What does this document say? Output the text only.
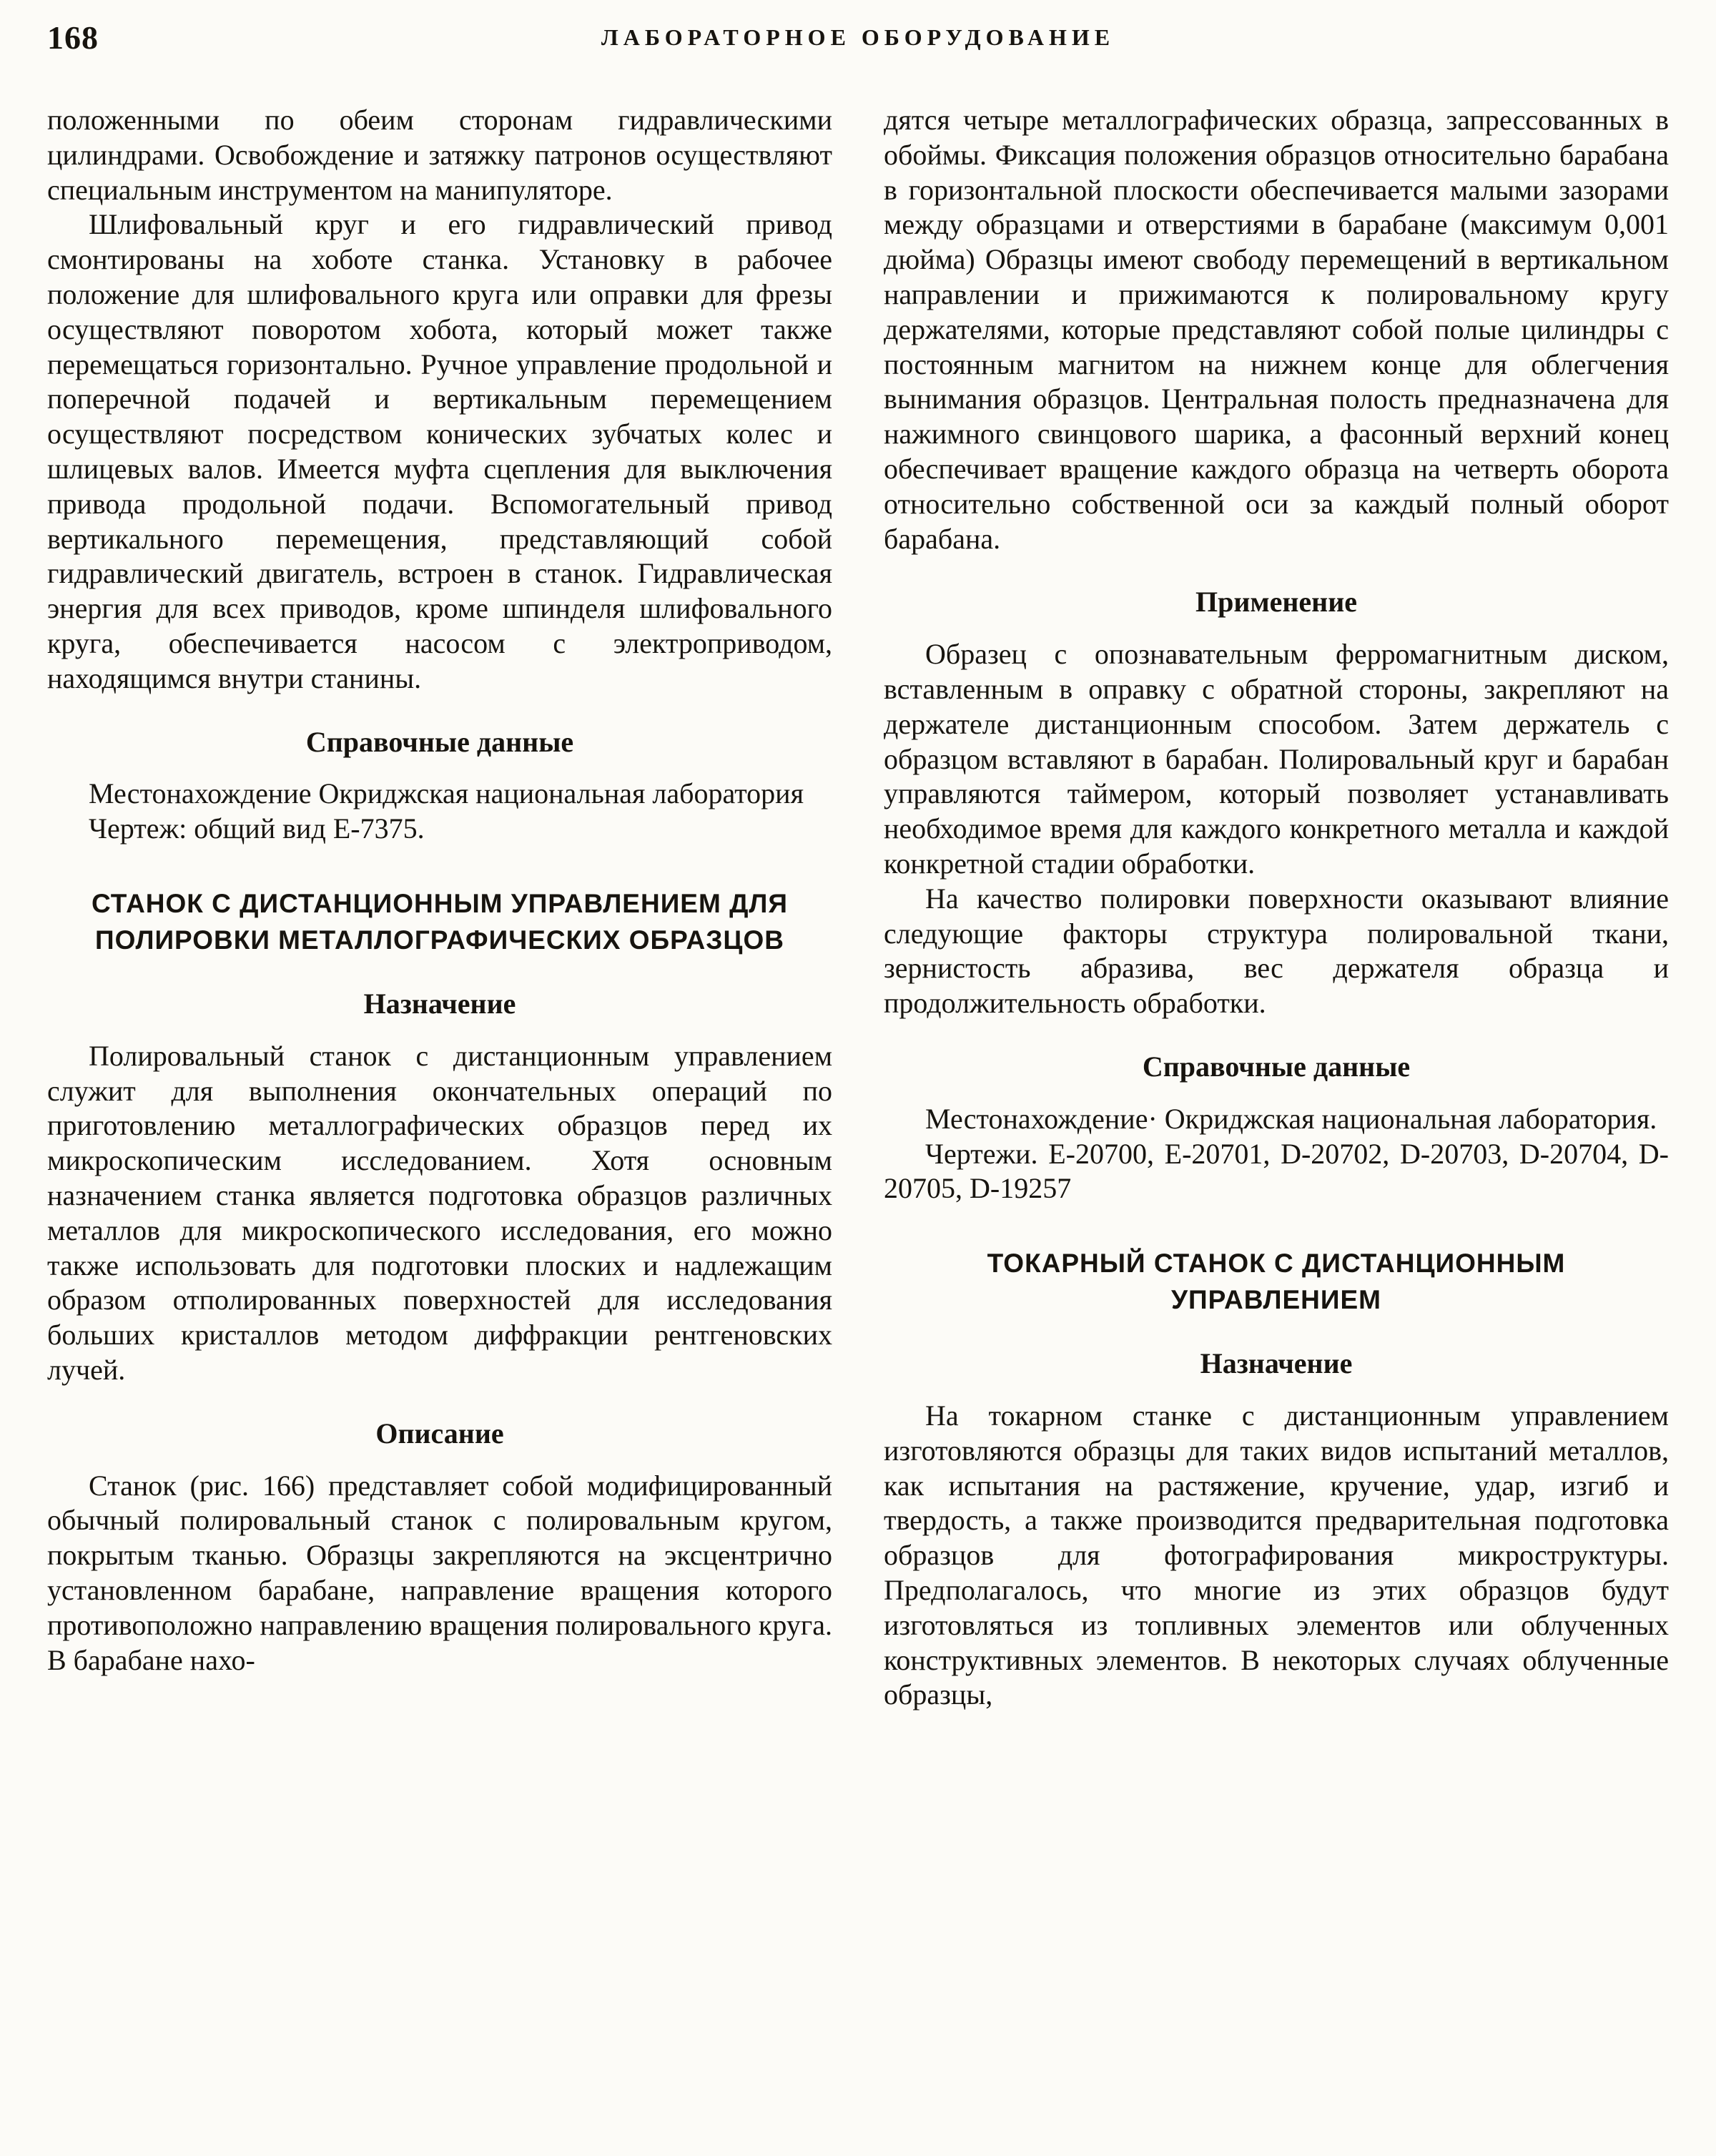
168	ЛАБОРАТОРНОЕ ОБОРУДОВАНИЕ

положенными по обеим сторонам гидравлическими цилиндрами. Освобождение и затяжку патронов осуществляют специальным инструментом на манипуляторе.

Шлифовальный круг и его гидравлический привод смонтированы на хоботе станка. Установку в рабочее положение для шлифовального круга или оправки для фрезы осуществляют поворотом хобота, который может также перемещаться горизонтально. Ручное управление продольной и поперечной подачей и вертикальным перемещением осуществляют посредством конических зубчатых колес и шлицевых валов. Имеется муфта сцепления для выключения привода продольной подачи. Вспомогательный привод вертикального перемещения, представляющий собой гидравлический двигатель, встроен в станок. Гидравлическая энергия для всех приводов, кроме шпинделя шлифовального круга, обеспечивается насосом с электроприводом, находящимся внутри станины.

Справочные данные

Местонахождение Окриджская национальная лаборатория

Чертеж: общий вид Е-7375.

СТАНОК С ДИСТАНЦИОННЫМ УПРАВЛЕНИЕМ ДЛЯ ПОЛИРОВКИ МЕТАЛЛОГРАФИЧЕСКИХ ОБРАЗЦОВ
Назначение

Полировальный станок с дистанционным управлением служит для выполнения окончательных операций по приготовлению металлографических образцов перед их микроскопическим исследованием. Хотя основным назначением станка является подготовка образцов различных металлов для микроскопического исследования, его можно также использовать для подготовки плоских и надлежащим образом отполированных поверхностей для исследования больших кристаллов методом диффракции рентгеновских лучей.

Описание

Станок (рис. 166) представляет собой модифицированный обычный полировальный станок с полировальным кругом, покрытым тканью. Образцы закрепляются на эксцентрично установленном барабане, направление вращения которого противоположно направлению вращения полировального круга. В барабане нахо-

дятся четыре металлографических образца, запрессованных в обоймы. Фиксация положения образцов относительно барабана в горизонтальной плоскости обеспечивается малыми зазорами между образцами и отверстиями в барабане (максимум 0,001 дюйма) Образцы имеют свободу перемещений в вертикальном направлении и прижимаются к полировальному кругу держателями, которые представляют собой полые цилиндры с постоянным магнитом на нижнем конце для облегчения вынимания образцов. Центральная полость предназначена для нажимного свинцового шарика, а фасонный верхний конец обеспечивает вращение каждого образца на четверть оборота относительно собственной оси за каждый полный оборот барабана.

Применение

Образец с опознавательным ферромагнитным диском, вставленным в оправку с обратной стороны, закрепляют на держателе дистанционным способом. Затем держатель с образцом вставляют в барабан. Полировальный круг и барабан управляются таймером, который позволяет устанавливать необходимое время для каждого конкретного металла и каждой конкретной стадии обработки.

На качество полировки поверхности оказывают влияние следующие факторы структура полировальной ткани, зернистость абразива, вес держателя образца и продолжительность обработки.

Справочные данные

Местонахождение· Окриджская национальная лаборатория.

Чертежи. Е-20700, Е-20701, D-20702, D-20703, D-20704, D-20705, D-19257

ТОКАРНЫЙ СТАНОК С ДИСТАНЦИОННЫМ УПРАВЛЕНИЕМ
Назначение

На токарном станке с дистанционным управлением изготовляются образцы для таких видов испытаний металлов, как испытания на растяжение, кручение, удар, изгиб и твердость, а также производится предварительная подготовка образцов для фотографирования микроструктуры. Предполагалось, что многие из этих образцов будут изготовляться из топливных элементов или облученных конструктивных элементов. В некоторых случаях облученные образцы,
